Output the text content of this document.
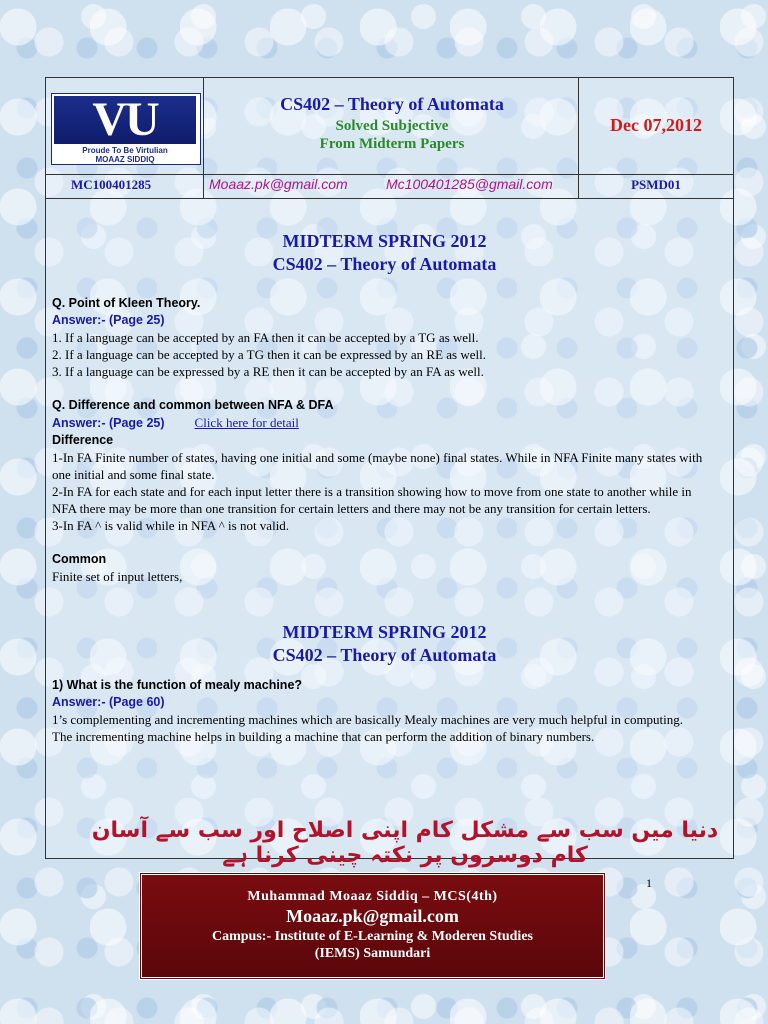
VU
Proude To Be Virtulian
MOAAZ SIDDIQ
CS402 – Theory of Automata
Solved Subjective
From Midterm Papers
Dec 07,2012
MC100401285	Moaaz.pk@gmail.com	Mc100401285@gmail.com	PSMD01
MIDTERM SPRING 2012
CS402 – Theory of Automata

Q. Point of Kleen Theory.

Answer:- (Page 25)

1. If a language can be accepted by an FA then it can be accepted by a TG as well.

2. If a language can be accepted by a TG then it can be expressed by an RE as well.

3. If a language can be expressed by a RE then it can be accepted by an FA as well.

Q. Difference and common between NFA & DFA

Answer:- (Page 25) Click here for detail

Difference

1-In FA Finite number of states, having one initial and some (maybe none) final states. While in NFA Finite many states with one initial and some final state.

2-In FA for each state and for each input letter there is a transition showing how to move from one state to another while in NFA there may be more than one transition for certain letters and there may not be any transition for certain letters.

3-In FA ^ is valid while in NFA ^ is not valid.

Common

Finite set of input letters,

MIDTERM SPRING 2012
CS402 – Theory of Automata

1) What is the function of mealy machine?

Answer:- (Page 60)

1’s complementing and incrementing machines which are basically Mealy machines are very much helpful in computing.

The incrementing machine helps in building a machine that can perform the addition of binary numbers.

دنیا میں سب سے مشکل کام اپنی اصلاح اور سب سے آسان کام دوسروں پر نکتہ چینی کرنا ہے
1
Muhammad Moaaz Siddiq – MCS(4th)
Moaaz.pk@gmail.com
Campus:- Institute of E-Learning & Moderen Studies
(IEMS) Samundari
